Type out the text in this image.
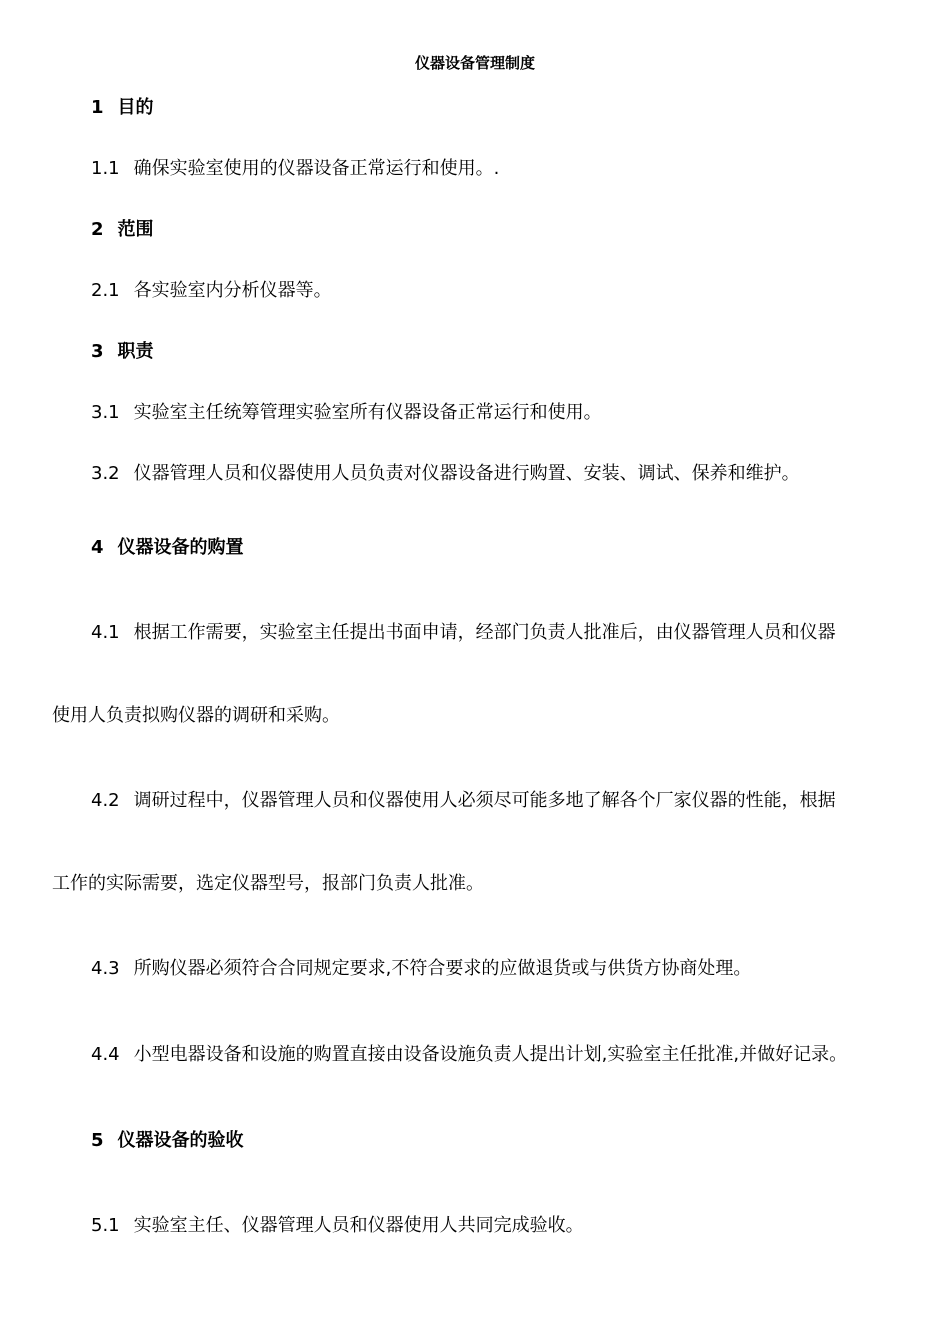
仪器设备管理制度
1 目的
1.1 确保实验室使用的仪器设备正常运行和使用。.
2 范围
2.1 各实验室内分析仪器等。
3 职责
3.1 实验室主任统筹管理实验室所有仪器设备正常运行和使用。
3.2 仪器管理人员和仪器使用人员负责对仪器设备进行购置、安装、调试、保养和维护。
4 仪器设备的购置
4.1 根据工作需要，实验室主任提出书面申请，经部门负责人批准后，由仪器管理人员和仪器
使用人负责拟购仪器的调研和采购。
4.2 调研过程中，仪器管理人员和仪器使用人必须尽可能多地了解各个厂家仪器的性能，根据
工作的实际需要，选定仪器型号，报部门负责人批准。
4.3 所购仪器必须符合合同规定要求,不符合要求的应做退货或与供货方协商处理。
4.4 小型电器设备和设施的购置直接由设备设施负责人提出计划,实验室主任批准,并做好记录。
5 仪器设备的验收
5.1 实验室主任、仪器管理人员和仪器使用人共同完成验收。
